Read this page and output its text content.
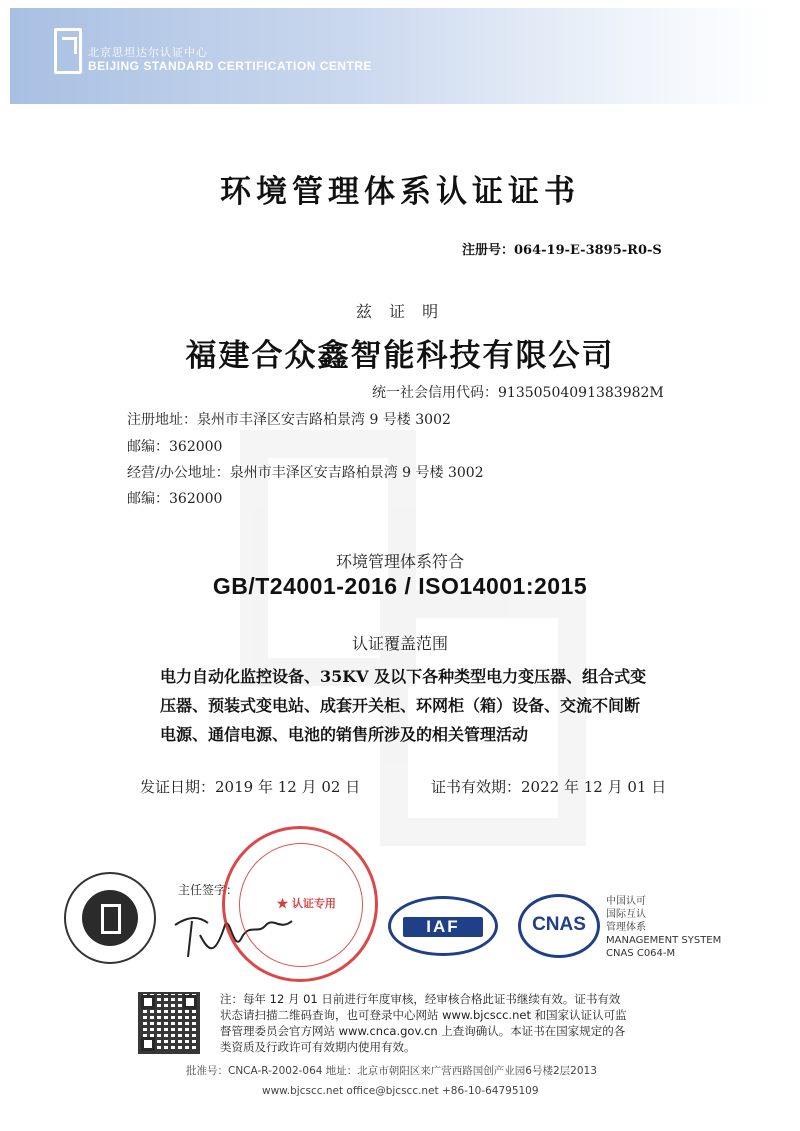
北京思坦达尔认证中心
BEIJING STANDARD CERTIFICATION CENTRE
环境管理体系认证证书
注册号：064-19-E-3895-R0-S
兹 证 明
福建合众鑫智能科技有限公司
统一社会信用代码：91350504091383982M
注册地址：泉州市丰泽区安吉路柏景湾 9 号楼 3002
邮编：362000
经营/办公地址：泉州市丰泽区安吉路柏景湾 9 号楼 3002
邮编：362000
环境管理体系符合
GB/T24001-2016 / ISO14001:2015
认证覆盖范围
电力自动化监控设备、35KV 及以下各种类型电力变压器、组合式变
压器、预装式变电站、成套开关柜、环网柜（箱）设备、交流不间断
电源、通信电源、电池的销售所涉及的相关管理活动
发证日期：2019 年 12 月 02 日	证书有效期：2022 年 12 月 01 日
主任签字：
★ 认证专用
IAF	CNAS
中国认可
国际互认
管理体系
MANAGEMENT SYSTEM
CNAS C064-M
注：每年 12 月 01 日前进行年度审核，经审核合格此证书继续有效。证书有效
状态请扫描二维码查询，也可登录中心网站 www.bjcscc.net 和国家认证认可监
督管理委员会官方网站 www.cnca.gov.cn 上查询确认。本证书在国家规定的各
类资质及行政许可有效期内使用有效。
批准号：CNCA-R-2002-064 地址：北京市朝阳区来广营西路国创产业园6号楼2层2013
www.bjcscc.net office@bjcscc.net +86-10-64795109
